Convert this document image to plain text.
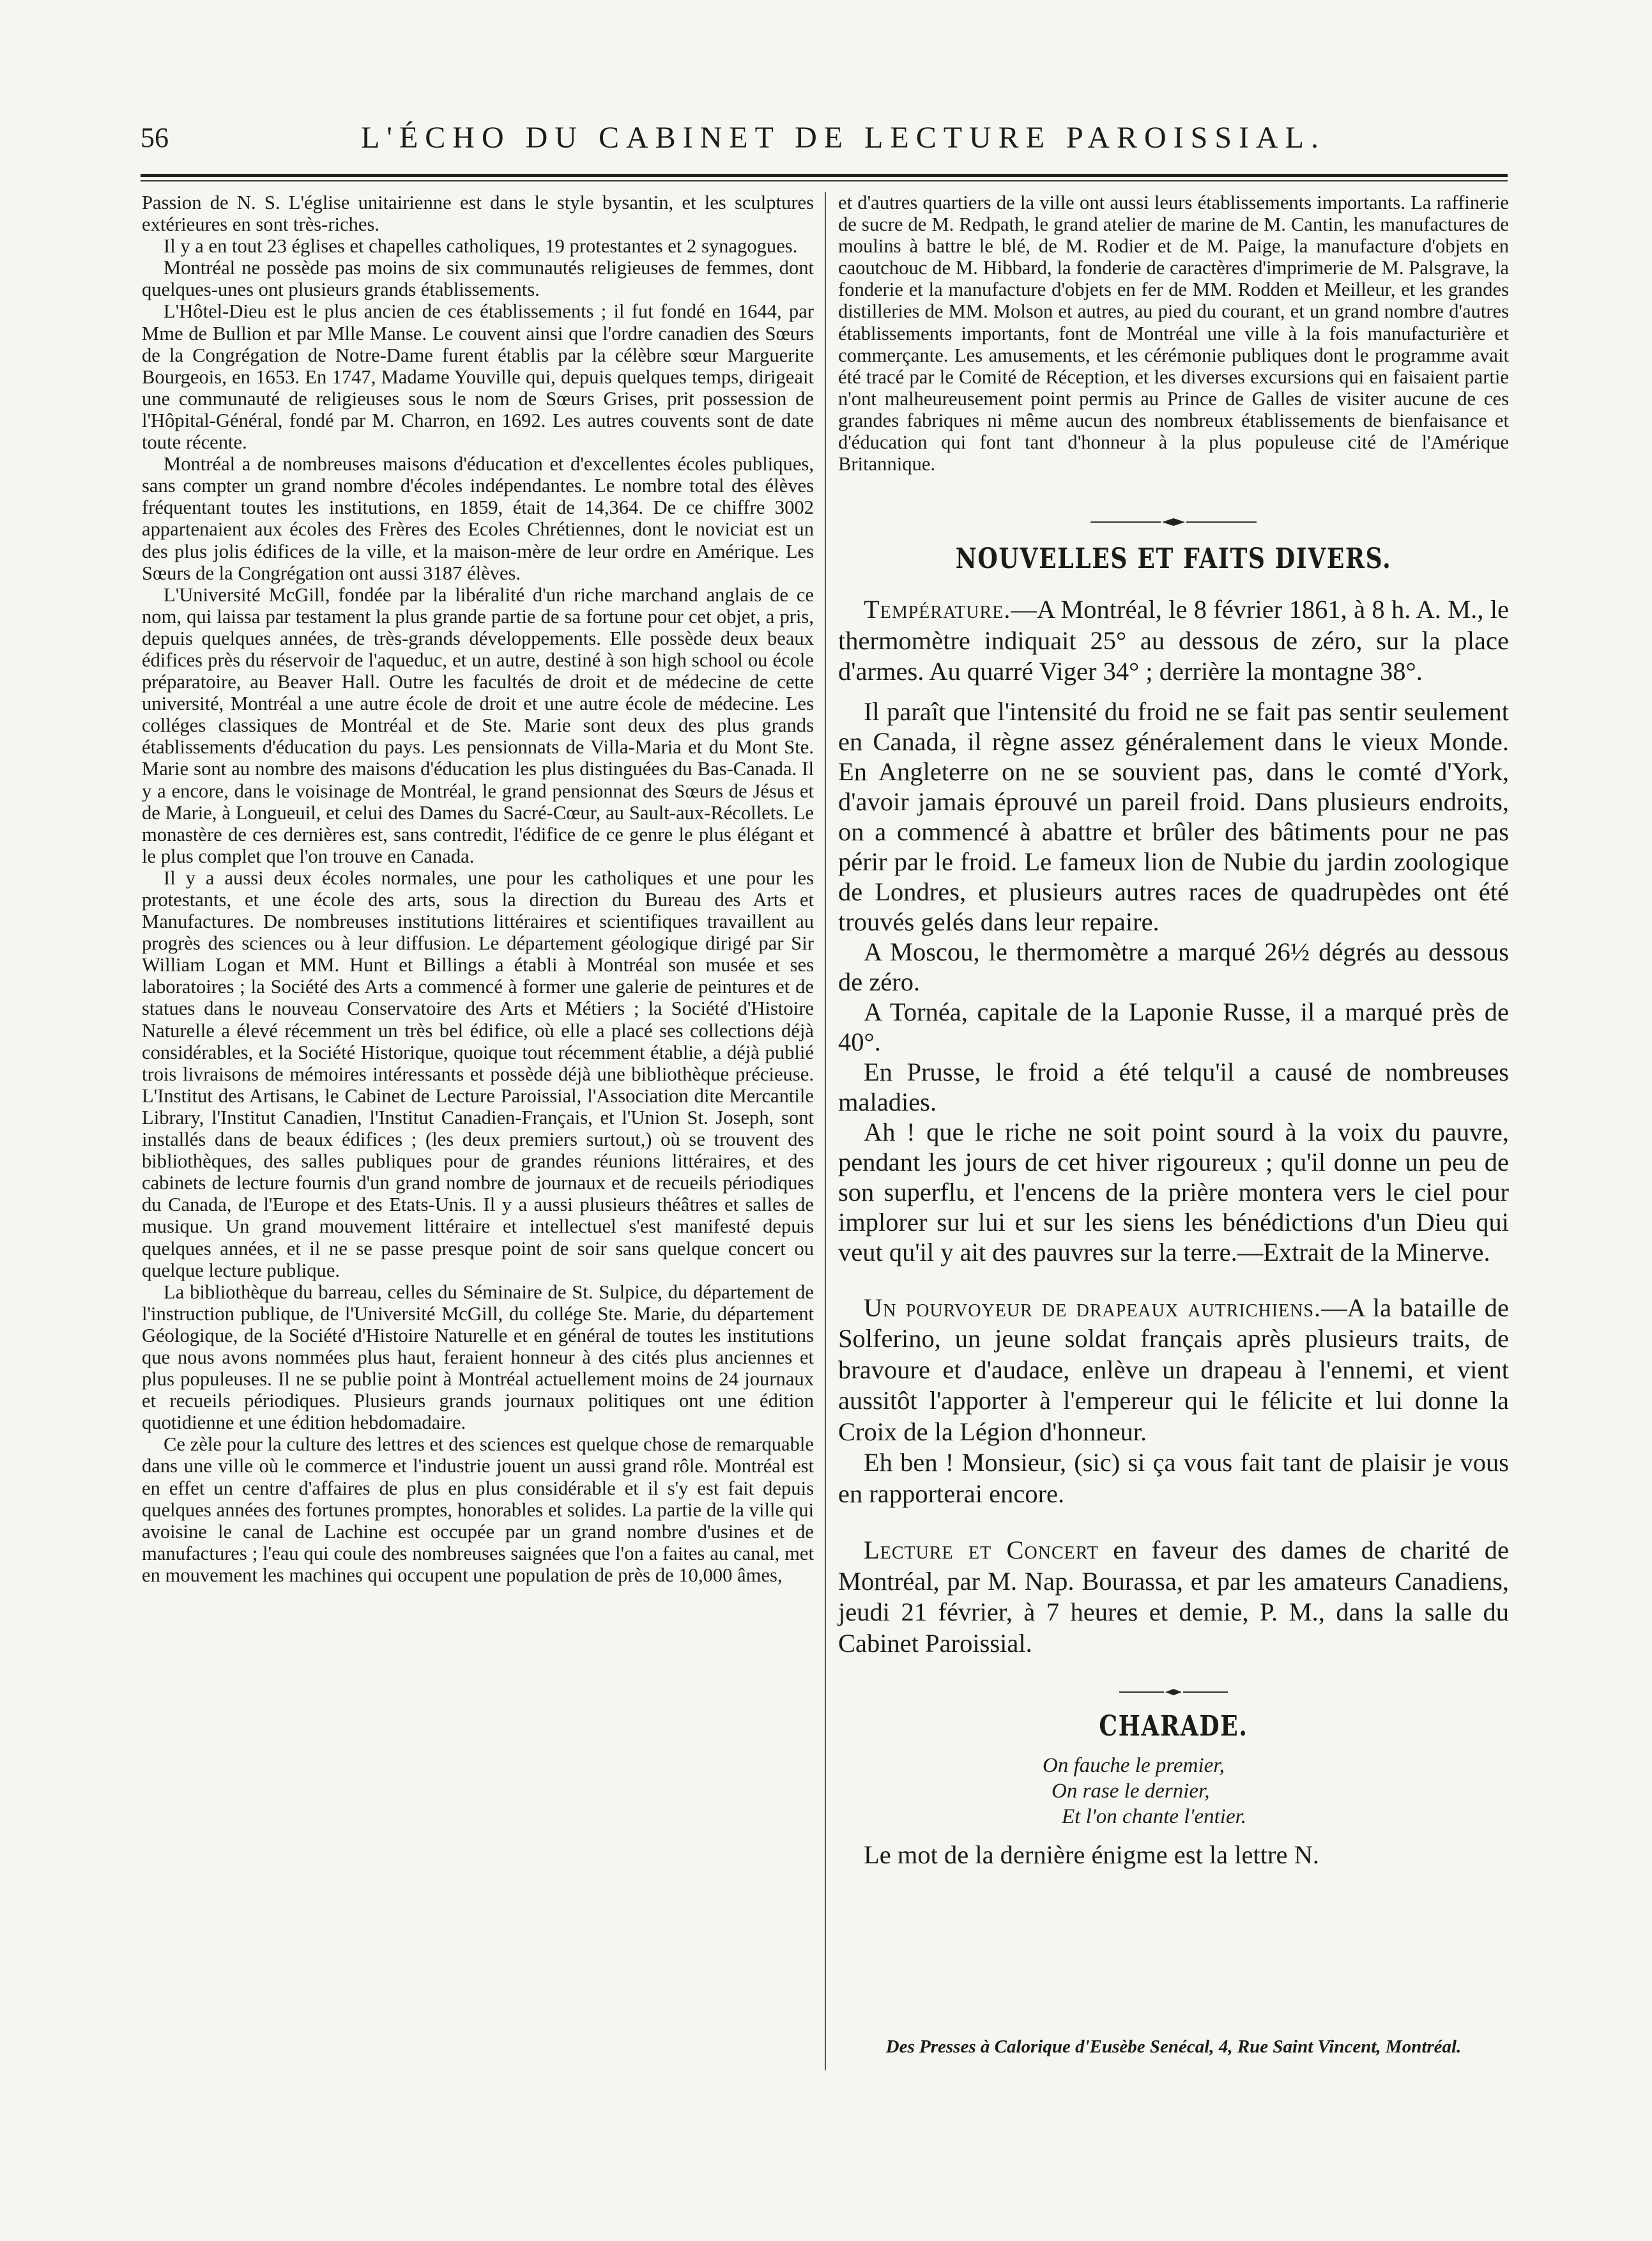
56	L'ÉCHO DU CABINET DE LECTURE PAROISSIAL.

Passion de N. S. L'église unitairienne est dans le style bysantin, et les sculptures extérieures en sont très-riches.

Il y a en tout 23 églises et chapelles catholiques, 19 protestantes et 2 synagogues.

Montréal ne possède pas moins de six communautés religieuses de femmes, dont quelques-unes ont plusieurs grands établissements.

L'Hôtel-Dieu est le plus ancien de ces établissements ; il fut fondé en 1644, par Mme de Bullion et par Mlle Manse. Le couvent ainsi que l'ordre canadien des Sœurs de la Congrégation de Notre-Dame furent établis par la célèbre sœur Marguerite Bourgeois, en 1653. En 1747, Madame Youville qui, depuis quelques temps, dirigeait une communauté de religieuses sous le nom de Sœurs Grises, prit possession de l'Hôpital-Général, fondé par M. Charron, en 1692. Les autres couvents sont de date toute récente.

Montréal a de nombreuses maisons d'éducation et d'excellentes écoles publiques, sans compter un grand nombre d'écoles indépendantes. Le nombre total des élèves fréquentant toutes les institutions, en 1859, était de 14,364. De ce chiffre 3002 appartenaient aux écoles des Frères des Ecoles Chrétiennes, dont le noviciat est un des plus jolis édifices de la ville, et la maison-mère de leur ordre en Amérique. Les Sœurs de la Congrégation ont aussi 3187 élèves.

L'Université McGill, fondée par la libéralité d'un riche marchand anglais de ce nom, qui laissa par testament la plus grande partie de sa fortune pour cet objet, a pris, depuis quelques années, de très-grands développements. Elle possède deux beaux édifices près du réservoir de l'aqueduc, et un autre, destiné à son high school ou école préparatoire, au Beaver Hall. Outre les facultés de droit et de médecine de cette université, Montréal a une autre école de droit et une autre école de médecine. Les colléges classiques de Montréal et de Ste. Marie sont deux des plus grands établissements d'éducation du pays. Les pensionnats de Villa-Maria et du Mont Ste. Marie sont au nombre des maisons d'éducation les plus distinguées du Bas-Canada. Il y a encore, dans le voisinage de Montréal, le grand pensionnat des Sœurs de Jésus et de Marie, à Longueuil, et celui des Dames du Sacré-Cœur, au Sault-aux-Récollets. Le monastère de ces dernières est, sans contredit, l'édifice de ce genre le plus élégant et le plus complet que l'on trouve en Canada.

Il y a aussi deux écoles normales, une pour les catholiques et une pour les protestants, et une école des arts, sous la direction du Bureau des Arts et Manufactures. De nombreuses institutions littéraires et scientifiques travaillent au progrès des sciences ou à leur diffusion. Le département géologique dirigé par Sir William Logan et MM. Hunt et Billings a établi à Montréal son musée et ses laboratoires ; la Société des Arts a commencé à former une galerie de peintures et de statues dans le nouveau Conservatoire des Arts et Métiers ; la Société d'Histoire Naturelle a élevé récemment un très bel édifice, où elle a placé ses collections déjà considérables, et la Société Historique, quoique tout récemment établie, a déjà publié trois livraisons de mémoires intéressants et possède déjà une bibliothèque précieuse. L'Institut des Artisans, le Cabinet de Lecture Paroissial, l'Association dite Mercantile Library, l'Institut Canadien, l'Institut Canadien-Français, et l'Union St. Joseph, sont installés dans de beaux édifices ; (les deux premiers surtout,) où se trouvent des bibliothèques, des salles publiques pour de grandes réunions littéraires, et des cabinets de lecture fournis d'un grand nombre de journaux et de recueils périodiques du Canada, de l'Europe et des Etats-Unis. Il y a aussi plusieurs théâtres et salles de musique. Un grand mouvement littéraire et intellectuel s'est manifesté depuis quelques années, et il ne se passe presque point de soir sans quelque concert ou quelque lecture publique.

La bibliothèque du barreau, celles du Séminaire de St. Sulpice, du département de l'instruction publique, de l'Université McGill, du collége Ste. Marie, du département Géologique, de la Société d'Histoire Naturelle et en général de toutes les institutions que nous avons nommées plus haut, feraient honneur à des cités plus anciennes et plus populeuses. Il ne se publie point à Montréal actuellement moins de 24 journaux et recueils périodiques. Plusieurs grands journaux politiques ont une édition quotidienne et une édition hebdomadaire.

Ce zèle pour la culture des lettres et des sciences est quelque chose de remarquable dans une ville où le commerce et l'industrie jouent un aussi grand rôle. Montréal est en effet un centre d'affaires de plus en plus considérable et il s'y est fait depuis quelques années des fortunes promptes, honorables et solides. La partie de la ville qui avoisine le canal de Lachine est occupée par un grand nombre d'usines et de manufactures ; l'eau qui coule des nombreuses saignées que l'on a faites au canal, met en mouvement les machines qui occupent une population de près de 10,000 âmes,

et d'autres quartiers de la ville ont aussi leurs établissements importants. La raffinerie de sucre de M. Redpath, le grand atelier de marine de M. Cantin, les manufactures de moulins à battre le blé, de M. Rodier et de M. Paige, la manufacture d'objets en caoutchouc de M. Hibbard, la fonderie de caractères d'imprimerie de M. Palsgrave, la fonderie et la manufacture d'objets en fer de MM. Rodden et Meilleur, et les grandes distilleries de MM. Molson et autres, au pied du courant, et un grand nombre d'autres établissements importants, font de Montréal une ville à la fois manufacturière et commerçante. Les amusements, et les cérémonie publiques dont le programme avait été tracé par le Comité de Réception, et les diverses excursions qui en faisaient partie n'ont malheureusement point permis au Prince de Galles de visiter aucune de ces grandes fabriques ni même aucun des nombreux établissements de bienfaisance et d'éducation qui font tant d'honneur à la plus populeuse cité de l'Amérique Britannique.

NOUVELLES ET FAITS DIVERS.

Température.—A Montréal, le 8 février 1861, à 8 h. A. M., le thermomètre indiquait 25° au dessous de zéro, sur la place d'armes. Au quarré Viger 34° ; derrière la montagne 38°.

Il paraît que l'intensité du froid ne se fait pas sentir seulement en Canada, il règne assez généralement dans le vieux Monde. En Angleterre on ne se souvient pas, dans le comté d'York, d'avoir jamais éprouvé un pareil froid. Dans plusieurs endroits, on a commencé à abattre et brûler des bâtiments pour ne pas périr par le froid. Le fameux lion de Nubie du jardin zoologique de Londres, et plusieurs autres races de quadrupèdes ont été trouvés gelés dans leur repaire.

A Moscou, le thermomètre a marqué 26½ dégrés au dessous de zéro.

A Tornéa, capitale de la Laponie Russe, il a marqué près de 40°.

En Prusse, le froid a été telqu'il a causé de nombreuses maladies.

Ah ! que le riche ne soit point sourd à la voix du pauvre, pendant les jours de cet hiver rigoureux ; qu'il donne un peu de son superflu, et l'encens de la prière montera vers le ciel pour implorer sur lui et sur les siens les bénédictions d'un Dieu qui veut qu'il y ait des pauvres sur la terre.—Extrait de la Minerve.

Un pourvoyeur de drapeaux autrichiens.—A la bataille de Solferino, un jeune soldat français après plusieurs traits, de bravoure et d'audace, enlève un drapeau à l'ennemi, et vient aussitôt l'apporter à l'empereur qui le félicite et lui donne la Croix de la Légion d'honneur.

Eh ben ! Monsieur, (sic) si ça vous fait tant de plaisir je vous en rapporterai encore.

Lecture et Concert en faveur des dames de charité de Montréal, par M. Nap. Bourassa, et par les amateurs Canadiens, jeudi 21 février, à 7 heures et demie, P. M., dans la salle du Cabinet Paroissial.

CHARADE.
On fauche le premier,
On rase le dernier,
Et l'on chante l'entier.

Le mot de la dernière énigme est la lettre N.

Des Presses à Calorique d'Eusèbe Senécal, 4, Rue Saint Vincent, Montréal.
